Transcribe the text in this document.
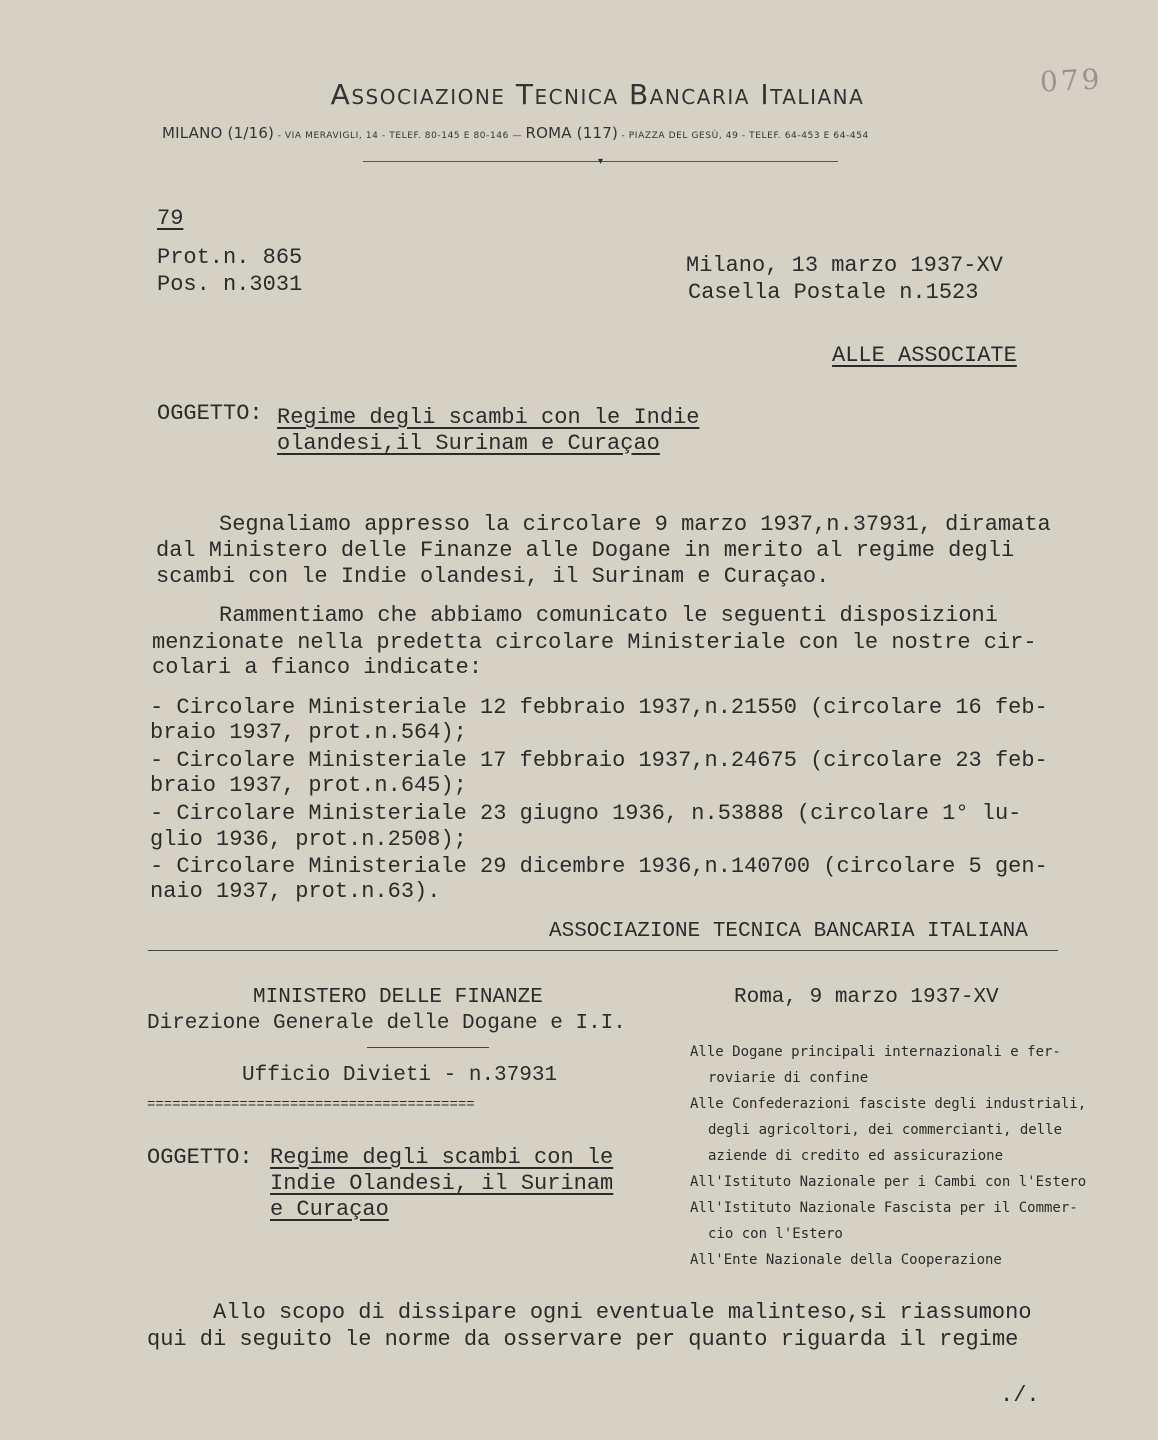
Associazione Tecnica Bancaria Italiana
MILANO (1/16) - VIA MERAVIGLI, 14 - TELEF. 80-145 E 80-146 — ROMA (117) - PIAZZA DEL GESÙ, 49 - TELEF. 64-453 E 64-454
▾
079
79
Prot.n. 865
Pos. n.3031
Milano, 13 marzo 1937-XV
Casella Postale n.1523
ALLE ASSOCIATE
OGGETTO: Regime degli scambi con le Indie
olandesi,il Surinam e Curaçao
Segnaliamo appresso la circolare 9 marzo 1937,n.37931, diramata
dal Ministero delle Finanze alle Dogane in merito al regime degli
scambi con le Indie olandesi, il Surinam e Curaçao.
Rammentiamo che abbiamo comunicato le seguenti disposizioni
menzionate nella predetta circolare Ministeriale con le nostre cir-
colari a fianco indicate:
- Circolare Ministeriale 12 febbraio 1937,n.21550 (circolare 16 feb-
braio 1937, prot.n.564);
- Circolare Ministeriale 17 febbraio 1937,n.24675 (circolare 23 feb-
braio 1937, prot.n.645);
- Circolare Ministeriale 23 giugno 1936, n.53888 (circolare 1° lu-
glio 1936, prot.n.2508);
- Circolare Ministeriale 29 dicembre 1936,n.140700 (circolare 5 gen-
naio 1937, prot.n.63).
ASSOCIAZIONE TECNICA BANCARIA ITALIANA
MINISTERO DELLE FINANZE
Direzione Generale delle Dogane e I.I.
Ufficio Divieti - n.37931
=======================================
Roma, 9 marzo 1937-XV
Alle Dogane principali internazionali e fer-
roviarie di confine
Alle Confederazioni fasciste degli industriali,
degli agricoltori, dei commercianti, delle
aziende di credito ed assicurazione
All'Istituto Nazionale per i Cambi con l'Estero
All'Istituto Nazionale Fascista per il Commer-
cio con l'Estero
All'Ente Nazionale della Cooperazione
OGGETTO: Regime degli scambi con le
Indie Olandesi, il Surinam
e Curaçao
Allo scopo di dissipare ogni eventuale malinteso,si riassumono
qui di seguito le norme da osservare per quanto riguarda il regime
./.
